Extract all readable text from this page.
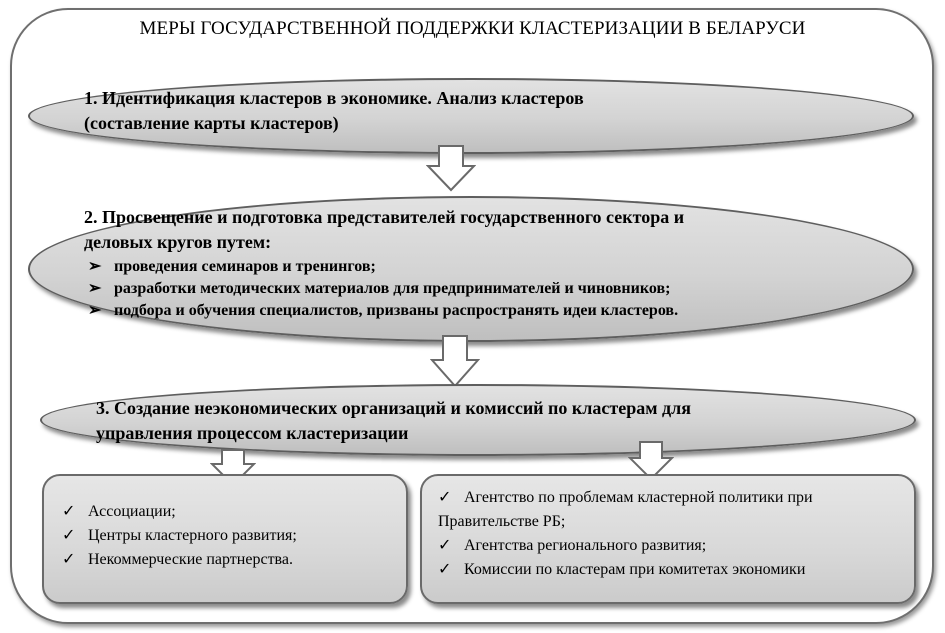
МЕРЫ ГОСУДАРСТВЕННОЙ ПОДДЕРЖКИ КЛАСТЕРИЗАЦИИ В БЕЛАРУСИ
1. Идентификация кластеров в экономике. Анализ кластеров
(составление карты кластеров)
2. Просвещение и подготовка представителей государственного сектора и
деловых кругов путем:
➢ проведения семинаров и тренингов;
➢ разработки методических материалов для предпринимателей и чиновников;
➢ подбора и обучения специалистов, призваны распространять идеи кластеров.
3. Создание неэкономических организаций и комиссий по кластерам для
управления процессом кластеризации
✓ Ассоциации;
✓ Центры кластерного развития;
✓ Некоммерческие партнерства.
✓ Агентство по проблемам кластерной политики при
Правительстве РБ;
✓ Агентства регионального развития;
✓ Комиссии по кластерам при комитетах экономики
